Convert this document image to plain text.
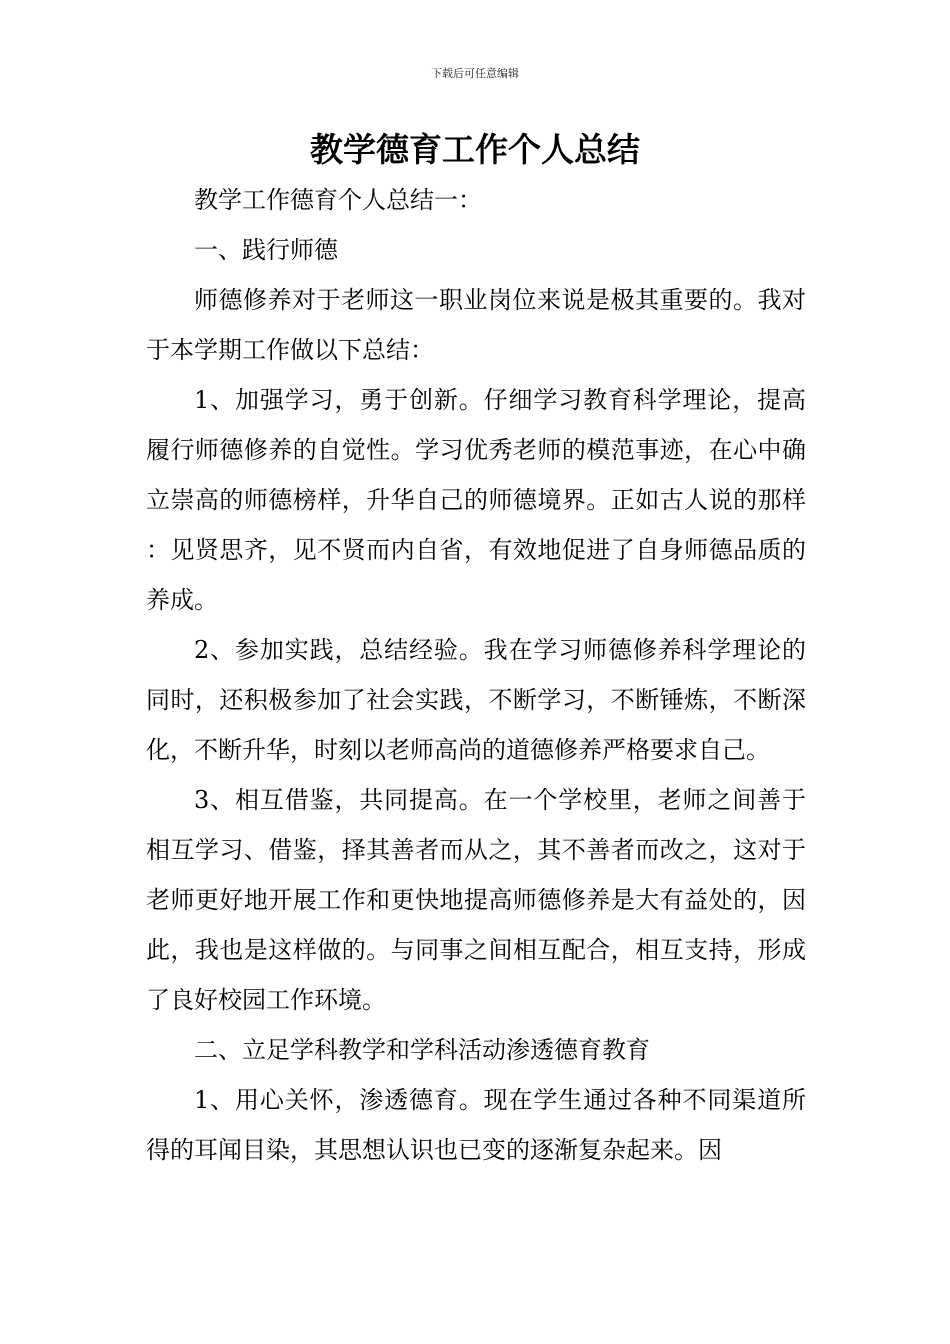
下载后可任意编辑
教学德育工作个人总结

教学工作德育个人总结一：

一、践行师德

师德修养对于老师这一职业岗位来说是极其重要的。我对于本学期工作做以下总结：

1、加强学习，勇于创新。仔细学习教育科学理论，提高履行师德修养的自觉性。学习优秀老师的模范事迹，在心中确立崇高的师德榜样，升华自己的师德境界。正如古人说的那样：见贤思齐，见不贤而内自省，有效地促进了自身师德品质的养成。

2、参加实践，总结经验。我在学习师德修养科学理论的同时，还积极参加了社会实践，不断学习，不断锤炼，不断深化，不断升华，时刻以老师高尚的道德修养严格要求自己。

3、相互借鉴，共同提高。在一个学校里，老师之间善于相互学习、借鉴，择其善者而从之，其不善者而改之，这对于老师更好地开展工作和更快地提高师德修养是大有益处的，因此，我也是这样做的。与同事之间相互配合，相互支持，形成了良好校园工作环境。

二、立足学科教学和学科活动渗透德育教育

1、用心关怀，渗透德育。现在学生通过各种不同渠道所得的耳闻目染，其思想认识也已变的逐渐复杂起来。因
